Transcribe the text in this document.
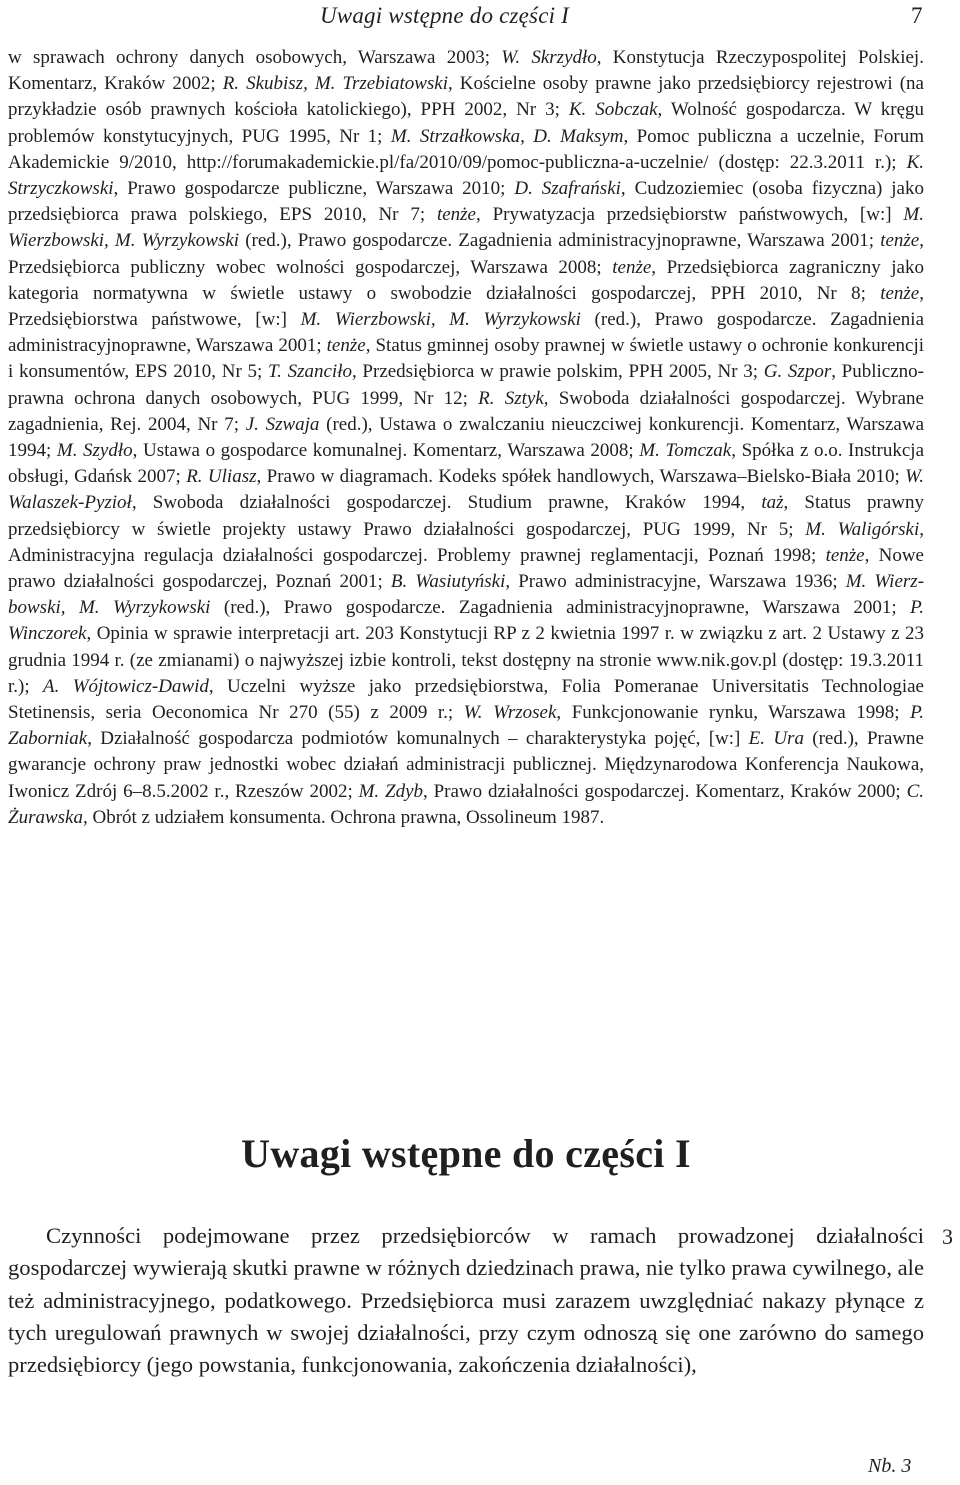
Uwagi wstępne do części I	7

w sprawach ochrony danych osobowych, Warszawa 2003; W. Skrzydło, Konstytucja Rzeczypospolitej Polskiej. Komentarz, Kraków 2002; R. Skubisz, M. Trzebiatowski, Kościelne osoby prawne jako przedsiębiorcy rejestrowi (na przykładzie osób prawnych kościoła katolickiego), PPH 2002, Nr 3; K. Sobczak, Wolność gospodarcza. W kręgu problemów konstytucyjnych, PUG 1995, Nr 1; M. Strzałkowska, D. Maksym, Pomoc publiczna a uczelnie, Forum Akademickie 9/2010, http://forumakademickie.pl/fa/2010/09/pomoc-publiczna-a-uczelnie/ (dostęp: 22.3.2011 r.); K. Strzyczkowski, Prawo gospodarcze publiczne, Warszawa 2010; D. Szafrański, Cudzoziemiec (osoba fizyczna) jako przedsiębiorca prawa polskiego, EPS 2010, Nr 7; tenże, Prywatyzacja przedsiębiorstw państwowych, [w:] M. Wierzbowski, M. Wyrzykowski (red.), Prawo gospodarcze. Zagadnienia administracyjnoprawne, Warszawa 2001; tenże, Przedsiębiorca publiczny wobec wolności gospodarczej, Warszawa 2008; tenże, Przedsiębiorca zagraniczny jako kategoria normatywna w świetle ustawy o swobodzie działalności gospodarczej, PPH 2010, Nr 8; tenże, Przedsiębiorstwa państwowe, [w:] M. Wierzbowski, M. Wyrzykowski (red.), Prawo gospodarcze. Zagadnienia administracyjnoprawne, Warszawa 2001; tenże, Status gminnej osoby prawnej w świetle ustawy o ochronie konkurencji i konsumentów, EPS 2010, Nr 5; T. Szanciło, Przedsiębiorca w prawie polskim, PPH 2005, Nr 3; G. Szpor, Publicznoprawna ochrona danych osobowych, PUG 1999, Nr 12; R. Sztyk, Swoboda działalności gospodarczej. Wybrane zagadnienia, Rej. 2004, Nr 7; J. Szwaja (red.), Ustawa o zwalczaniu nieuczciwej konkurencji. Komentarz, Warszawa 1994; M. Szydło, Ustawa o gospodarce komunalnej. Komentarz, Warszawa 2008; M. Tomczak, Spółka z o.o. Instrukcja obsługi, Gdańsk 2007; R. Uliasz, Prawo w diagramach. Kodeks spółek handlowych, Warszawa–Bielsko-Biała 2010; W. Walaszek-Pyzioł, Swoboda działalności gospodarczej. Studium prawne, Kraków 1994, taż, Status prawny przedsiębiorcy w świetle projekty ustawy Prawo działalności gospodarczej, PUG 1999, Nr 5; M. Waligórski, Administracyjna regulacja działalności gospodarczej. Problemy prawnej reglamentacji, Poznań 1998; tenże, Nowe prawo działalności gospodarczej, Poznań 2001; B. Wasiutyński, Prawo administracyjne, Warszawa 1936; M. Wierzbowski, M. Wyrzykowski (red.), Prawo gospodarcze. Zagadnienia administracyjnoprawne, Warszawa 2001; P. Winczorek, Opinia w sprawie interpretacji art. 203 Konstytucji RP z 2 kwietnia 1997 r. w związku z art. 2 Ustawy z 23 grudnia 1994 r. (ze zmianami) o najwyższej izbie kontroli, tekst dostępny na stronie www.nik.gov.pl (dostęp: 19.3.2011 r.); A. Wójtowicz-Dawid, Uczelni wyższe jako przedsiębiorstwa, Folia Pomeranae Universitatis Technologiae Stetinensis, seria Oeconomica Nr 270 (55) z 2009 r.; W. Wrzosek, Funkcjonowanie rynku, Warszawa 1998; P. Zaborniak, Działalność gospodarcza podmiotów komunalnych – charakterystyka pojęć, [w:] E. Ura (red.), Prawne gwarancje ochrony praw jednostki wobec działań administracji publicznej. Międzynarodowa Konferencja Naukowa, Iwonicz Zdrój 6–8.5.2002 r., Rzeszów 2002; M. Zdyb, Prawo działalności gospodarczej. Komentarz, Kraków 2000; C. Żurawska, Obrót z udziałem konsumenta. Ochrona prawna, Ossolineum 1987.

Uwagi wstępne do części I
3

Czynności podejmowane przez przedsiębiorców w ramach prowadzonej działalności gospodarczej wywierają skutki prawne w różnych dziedzinach prawa, nie tylko prawa cywilnego, ale też administracyjnego, podatkowego. Przedsiębiorca musi zarazem uwzględniać nakazy płynące z tych uregulowań prawnych w swojej działalności, przy czym odnoszą się one zarówno do samego przedsiębiorcy (jego powstania, funkcjonowania, zakończenia działalności),

Nb. 3
